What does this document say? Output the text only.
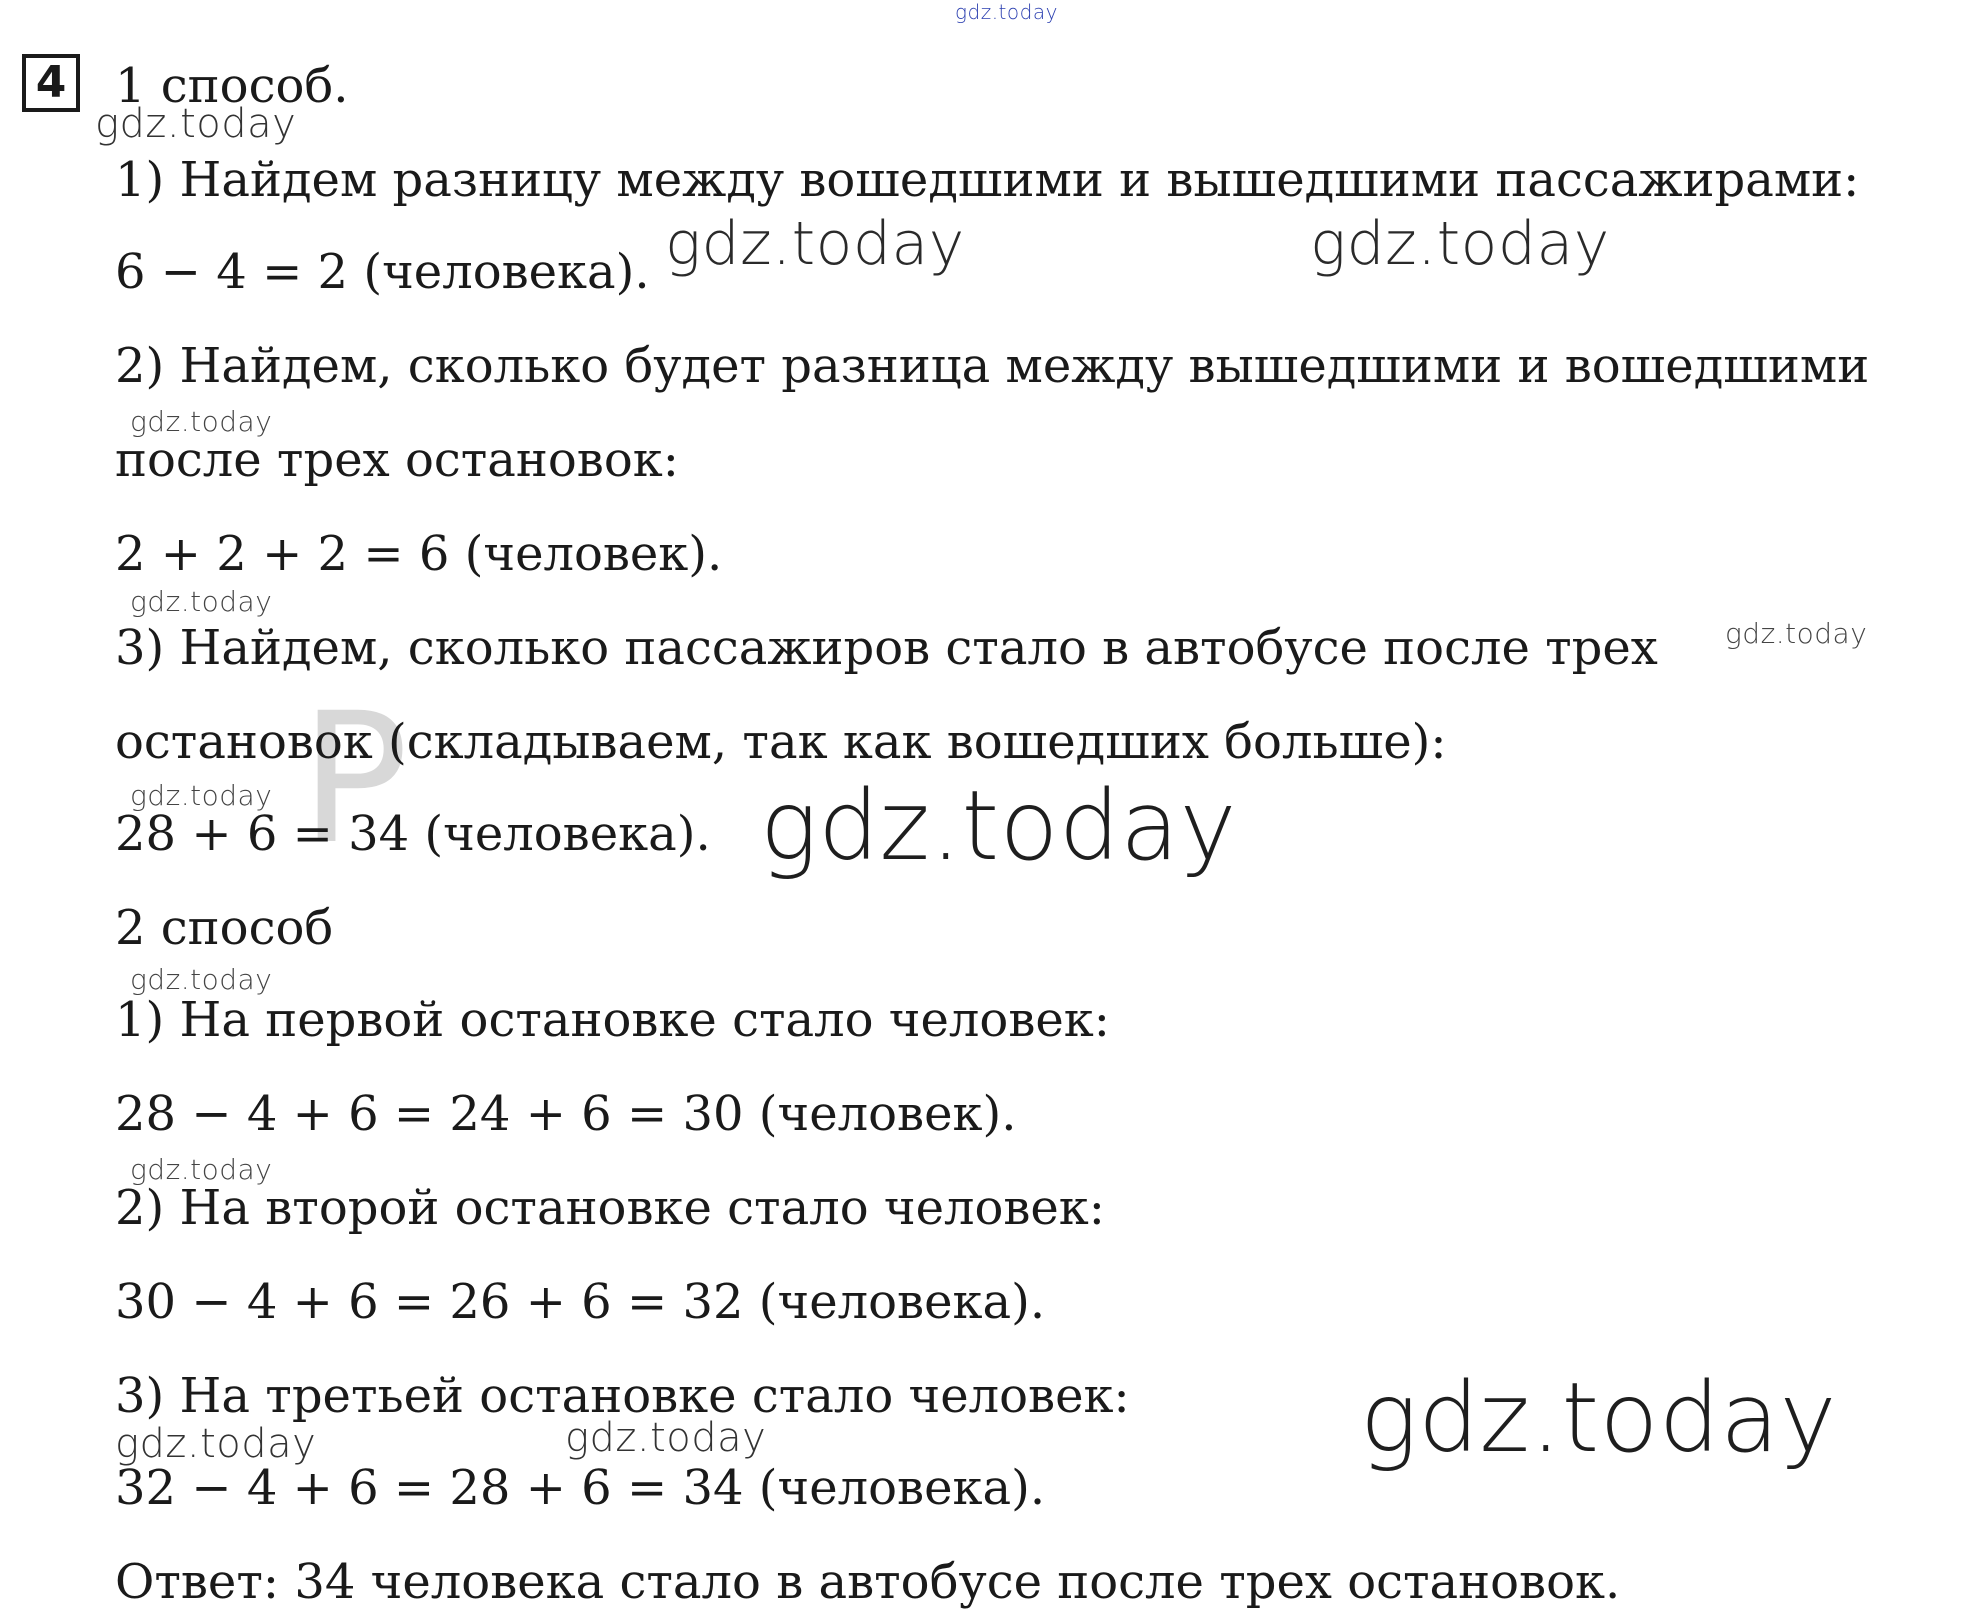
P
4 1 способ.
1) Найдем разницу между вошедшими и вышедшими пассажирами:
6 − 4 = 2 (человека).
2) Найдем, сколько будет разница между вышедшими и вошедшими
после трех остановок:
2 + 2 + 2 = 6 (человек).
3) Найдем, сколько пассажиров стало в автобусе после трех
остановок (складываем, так как вошедших больше):
28 + 6 = 34 (человека).
2 способ
1) На первой остановке стало человек:
28 − 4 + 6 = 24 + 6 = 30 (человек).
2) На второй остановке стало человек:
30 − 4 + 6 = 26 + 6 = 32 (человека).
3) На третьей остановке стало человек:
32 − 4 + 6 = 28 + 6 = 34 (человека).
Ответ: 34 человека стало в автобусе после трех остановок.
gdz.today
gdz.today
gdz.today	gdz.today
gdz.today
gdz.today
gdz.today
gdz.today	gdz.today
gdz.today
gdz.today
gdz.today	gdz.today	gdz.today
